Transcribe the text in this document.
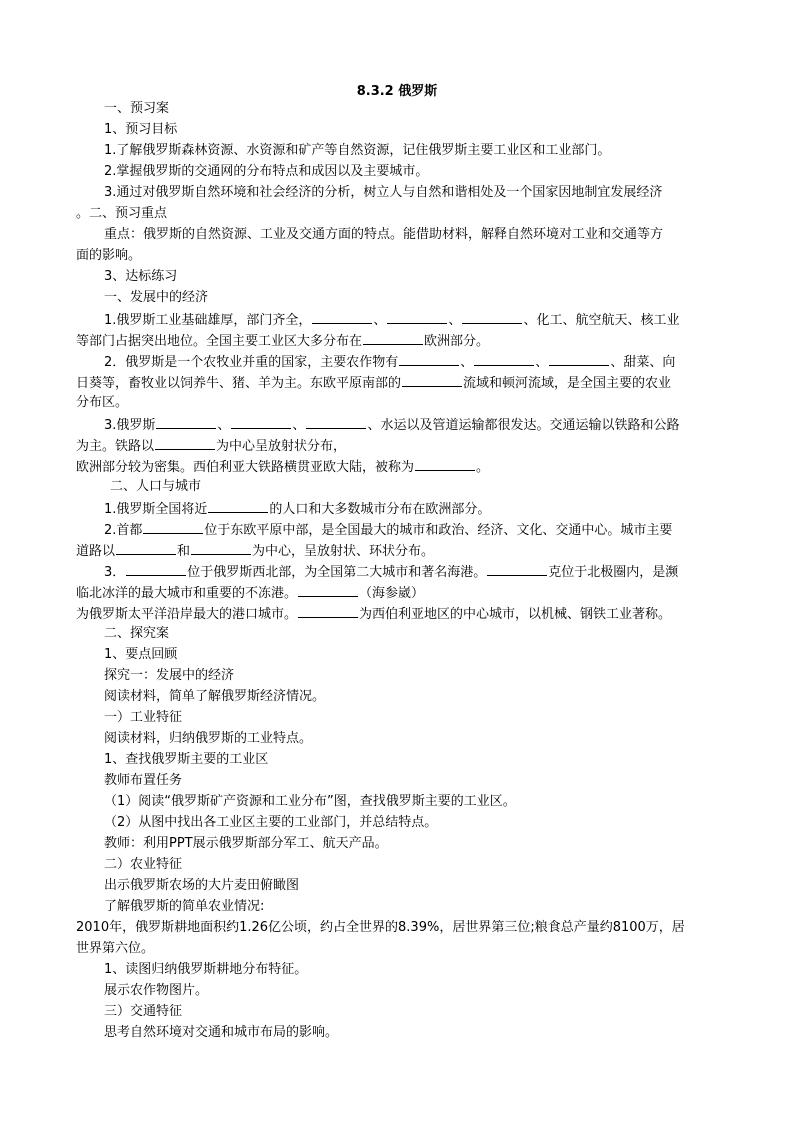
8.3.2 俄罗斯
一、预习案
1、预习目标
1.了解俄罗斯森林资源、水资源和矿产等自然资源，记住俄罗斯主要工业区和工业部门。
2.掌握俄罗斯的交通网的分布特点和成因以及主要城市。
3.通过对俄罗斯自然环境和社会经济的分析，树立人与自然和谐相处及一个国家因地制宜发展经济
。二、预习重点
重点：俄罗斯的自然资源、工业及交通方面的特点。能借助材料，解释自然环境对工业和交通等方
面的影响。
3、达标练习
一、发展中的经济
1.俄罗斯工业基础雄厚，部门齐全，	、	、	、化工、航空航天、核工业
等部门占据突出地位。全国主要工业区大多分布在	欧洲部分。
2．俄罗斯是一个农牧业并重的国家，主要农作物有	、	、	、甜菜、向
日葵等，畜牧业以饲养牛、猪、羊为主。东欧平原南部的	流域和顿河流域，是全国主要的农业
分布区。
3.俄罗斯	、	、	、水运以及管道运输都很发达。交通运输以铁路和公路
为主。铁路以	为中心呈放射状分布，
欧洲部分较为密集。西伯利亚大铁路横贯亚欧大陆，被称为	。
二、人口与城市
1.俄罗斯全国将近	的人口和大多数城市分布在欧洲部分。
2.首都	位于东欧平原中部，是全国最大的城市和政治、经济、文化、交通中心。城市主要
道路以	和	为中心，呈放射状、环状分布。
3．	位于俄罗斯西北部，为全国第二大城市和著名海港。	克位于北极圈内，是濒
临北冰洋的最大城市和重要的不冻港。	（海参崴）
为俄罗斯太平洋沿岸最大的港口城市。	为西伯利亚地区的中心城市，以机械、钢铁工业著称。
二、探究案
1、要点回顾
探究一：发展中的经济
阅读材料，简单了解俄罗斯经济情况。
一）工业特征
阅读材料，归纳俄罗斯的工业特点。
1、查找俄罗斯主要的工业区
教师布置任务
（1）阅读“俄罗斯矿产资源和工业分布”图，查找俄罗斯主要的工业区。
（2）从图中找出各工业区主要的工业部门，并总结特点。
教师：利用PPT展示俄罗斯部分军工、航天产品。
二）农业特征
出示俄罗斯农场的大片麦田俯瞰图
了解俄罗斯的简单农业情况:
2010年，俄罗斯耕地面积约1.26亿公顷，约占全世界的8.39%，居世界第三位;粮食总产量约8100万，居
世界第六位。
1、读图归纳俄罗斯耕地分布特征。
展示农作物图片。
三）交通特征
思考自然环境对交通和城市布局的影响。
